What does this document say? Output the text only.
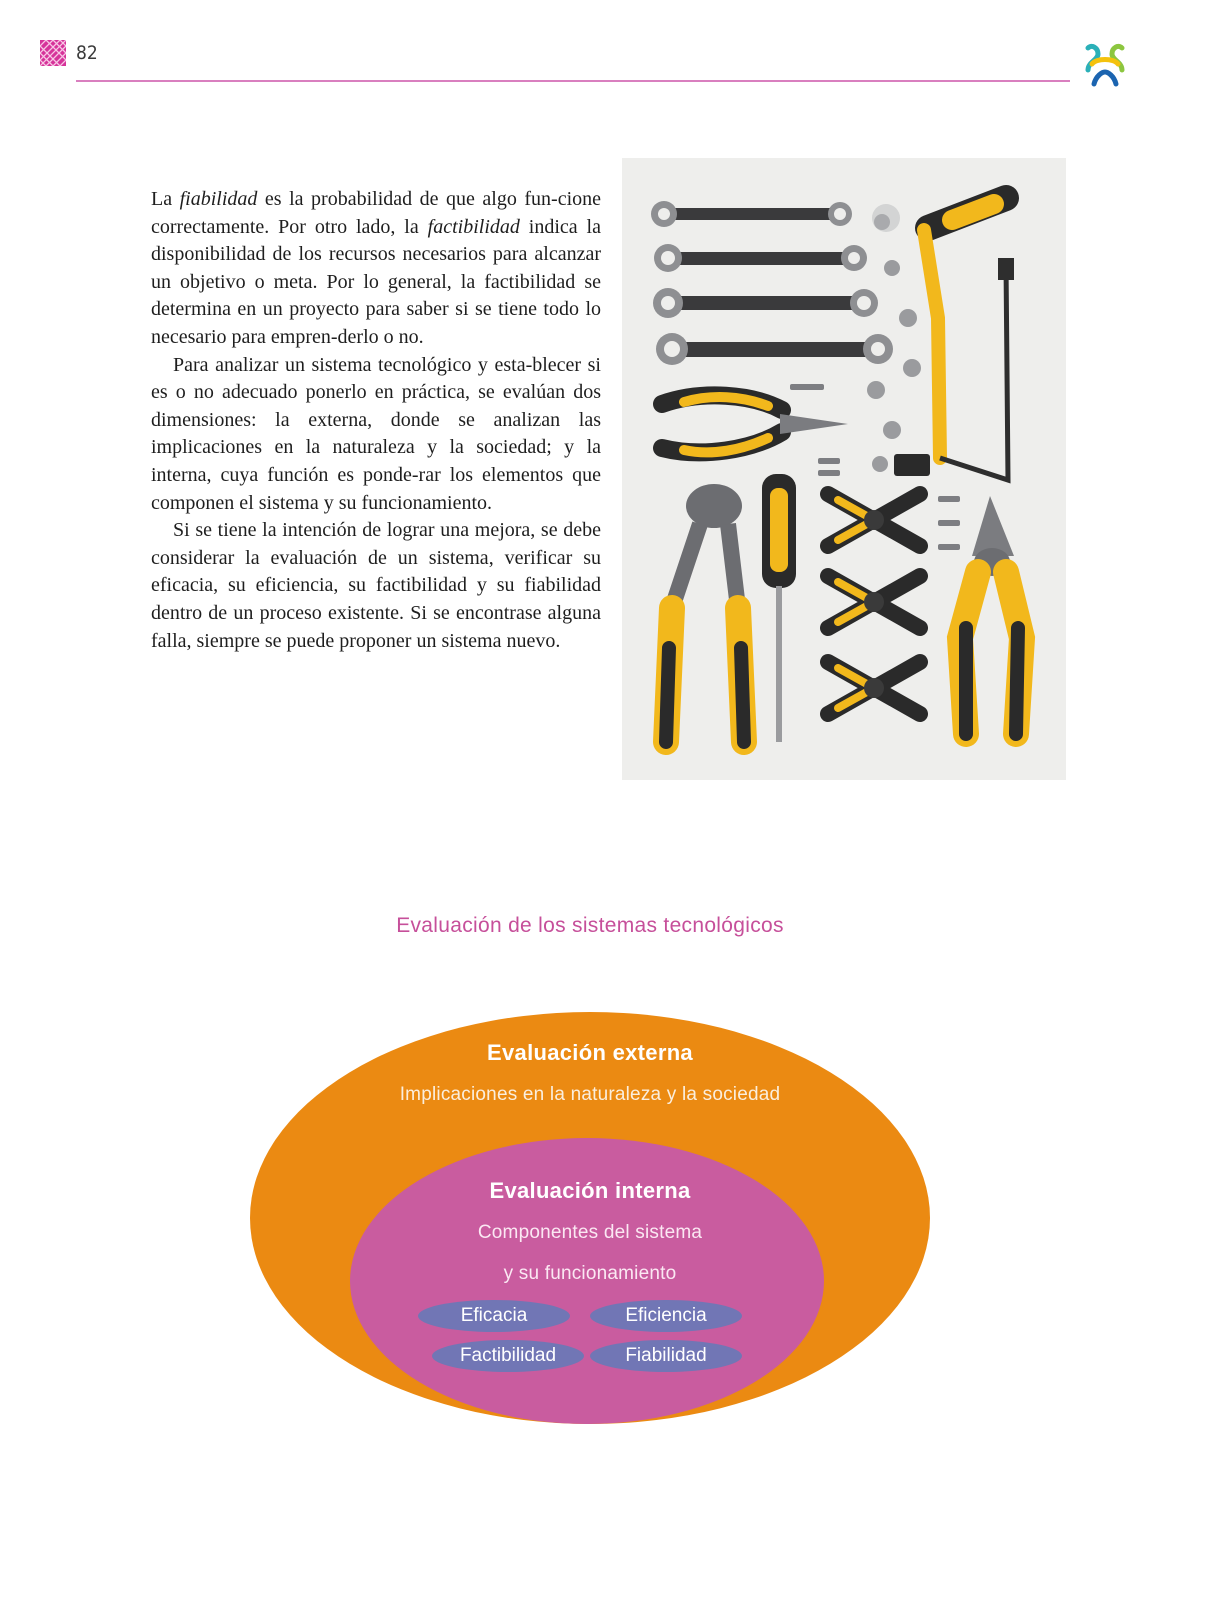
82

La fiabilidad es la probabilidad de que algo fun-cione correctamente. Por otro lado, la factibilidad indica la disponibilidad de los recursos necesarios para alcanzar un objetivo o meta. Por lo general, la factibilidad se determina en un proyecto para saber si se tiene todo lo necesario para empren-derlo o no.

Para analizar un sistema tecnológico y esta-blecer si es o no adecuado ponerlo en práctica, se evalúan dos dimensiones: la externa, donde se analizan las implicaciones en la naturaleza y la sociedad; y la interna, cuya función es ponde-rar los elementos que componen el sistema y su funcionamiento.

Si se tiene la intención de lograr una mejora, se debe considerar la evaluación de un sistema, verificar su eficacia, su eficiencia, su factibilidad y su fiabilidad dentro de un proceso existente. Si se encontrase alguna falla, siempre se puede proponer un sistema nuevo.

Evaluación de los sistemas tecnológicos
Evaluación externa
Implicaciones en la naturaleza y la sociedad
Evaluación interna
Componentes del sistema
y su funcionamiento
Eficacia	Eficiencia
Factibilidad	Fiabilidad
